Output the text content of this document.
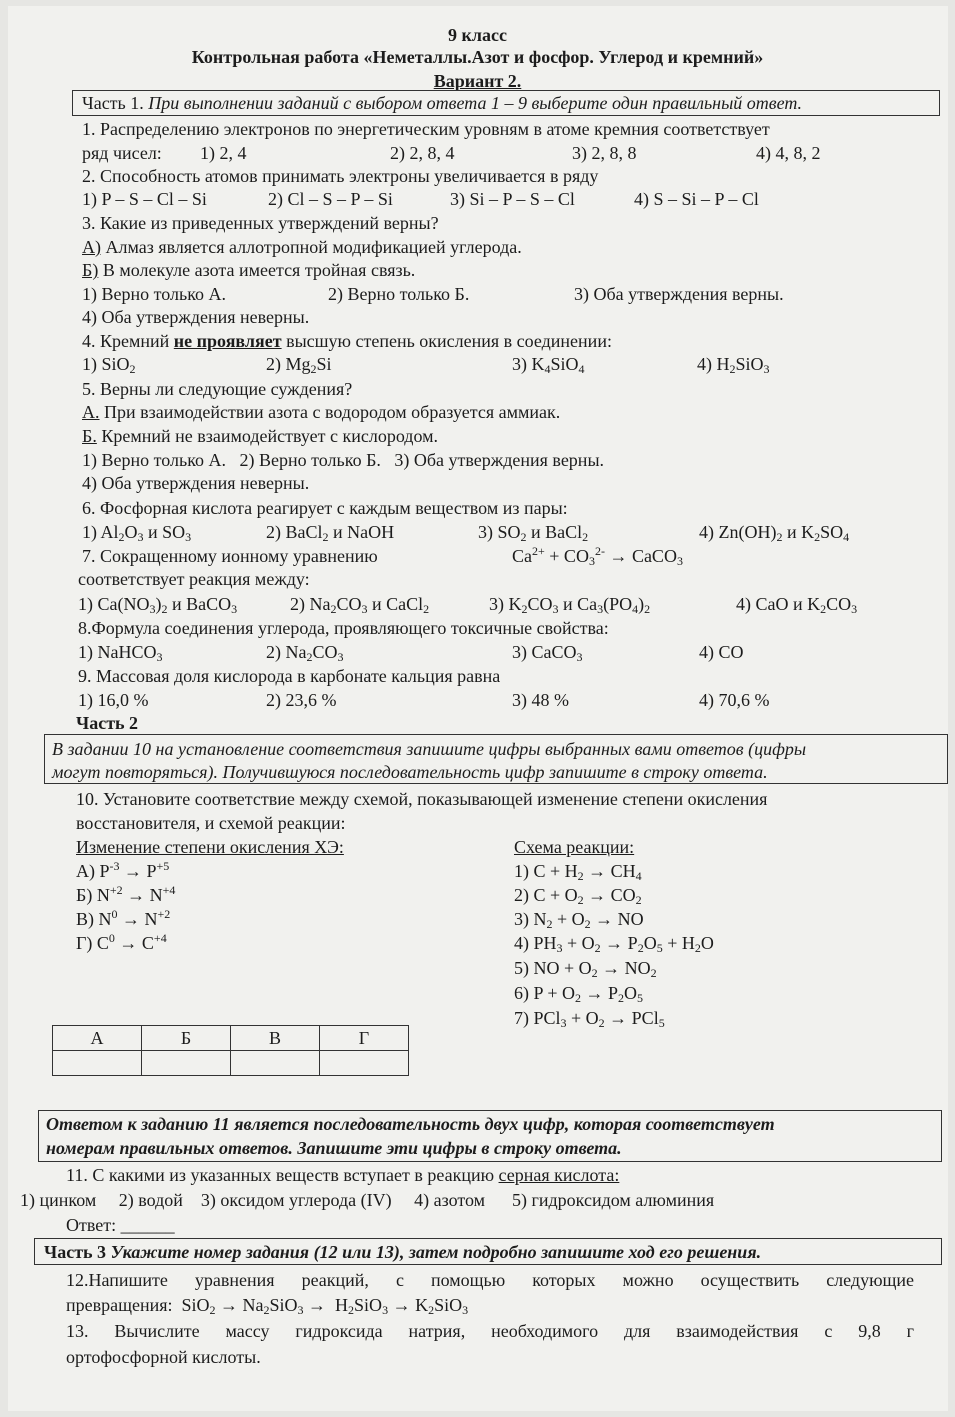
9 класс
Контрольная работа «Неметаллы.Азот и фосфор. Углерод и кремний»
Вариант 2.
Часть 1. При выполнении заданий с выбором ответа 1 – 9 выберите один правильный ответ.
1. Распределению электронов по энергетическим уровням в атоме кремния соответствует
ряд чисел: 1) 2, 4	2) 2, 8, 4	3) 2, 8, 8	4) 4, 8, 2
2. Способность атомов принимать электроны увеличивается в ряду
1) P – S – Cl – Si	2) Cl – S – P – Si	3) Si – P – S – Cl	4) S – Si – P – Cl
3. Какие из приведенных утверждений верны?
А) Алмаз является аллотропной модификацией углерода.
Б) В молекуле азота имеется тройная связь.
1) Верно только А.	2) Верно только Б.	3) Оба утверждения верны.
4) Оба утверждения неверны.
4. Кремний не проявляет высшую степень окисления в соединении:
1) SiO$_2$	2) $Mg_2Si$	3) $K_4SiO_4$	4) $H_2SiO_3$
5. Верны ли следующие суждения?
А. При взаимодействии азота с водородом образуется аммиак.
Б. Кремний не взаимодействует с кислородом.
1) Верно только А.   2) Верно только Б.   3) Оба утверждения верны.
4) Оба утверждения неверны.
6. Фосфорная кислота реагирует с каждым веществом из пары:
1) $Al_2O_3$ и $SO_3$	2) BaCl$_2$ и NaOH	3) $SO_2$ и BaCl$_2$	4) $Zn(OH)_2$ и $K_2SO_4$
7. Сокращенному ионному уравнению	$Ca^{2+} + CO_3^{2-}$ → CaCO$_3$
соответствует реакция между:
1) $Ca(NO_3)_2$ и BaCO$_3$	2) $Na_2CO_3$ и CaCl$_2$	3) $K_2CO_3$ и $Ca_3(PO_4)_2$	4) CaO и $K_2CO_3$
8.Формула соединения углерода, проявляющего токсичные свойства:
1) NaHCO$_3$	2) $Na_2CO_3$	3) CaCO$_3$	4) CO
9. Массовая доля кислорода в карбонате кальция равна
1) 16,0 %	2) 23,6 %	3) 48 %	4) 70,6 %
Часть 2
В задании 10 на установление соответствия запишите цифры выбранных вами ответов (цифры
могут повторяться). Получившуюся последовательность цифр запишите в строку ответа.
10. Установите соответствие между схемой, показывающей изменение степени окисления
восстановителя, и схемой реакции:
Изменение степени окисления ХЭ:	Схема реакции:
А) $P^{-3} \to P^{+5}$
Б) $N^{+2} \to N^{+4}$
В) $N^0 \to N^{+2}$
Г) $C^0 \to C^{+4}$
1) $C + H_2 \to CH_4$
2) $C + O_2 \to CO_2$
3) $N_2 + O_2$ → NO
4) $PH_3 + O_2 \to P_2O_5 + H_2O$
5) NO + $O_2 \to NO_2$
6) $P + O_2 \to P_2O_5$
7) $PCl_3 + O_2 \to PCl_5$
А	Б	В	Г

Ответом к заданию 11 является последовательность двух цифр, которая соответствует
номерам правильных ответов. Запишите эти цифры в строку ответа.
11. С какими из указанных веществ вступает в реакцию серная кислота:
1) цинком     2) водой    3) оксидом углерода (IV)     4) азотом      5) гидроксидом алюминия
Ответ: ______
Часть 3 Укажите номер задания (12 или 13), затем подробно запишите ход его решения.
12.Напишите уравнения реакций, с помощью которых можно осуществить следующие
превращения:  $SiO_2 \to Na_2SiO_3 \to H_2SiO_3 \to K_2SiO_3$
13. Вычислите массу гидроксида натрия, необходимого для взаимодействия с 9,8 г
ортофосфорной кислоты.
